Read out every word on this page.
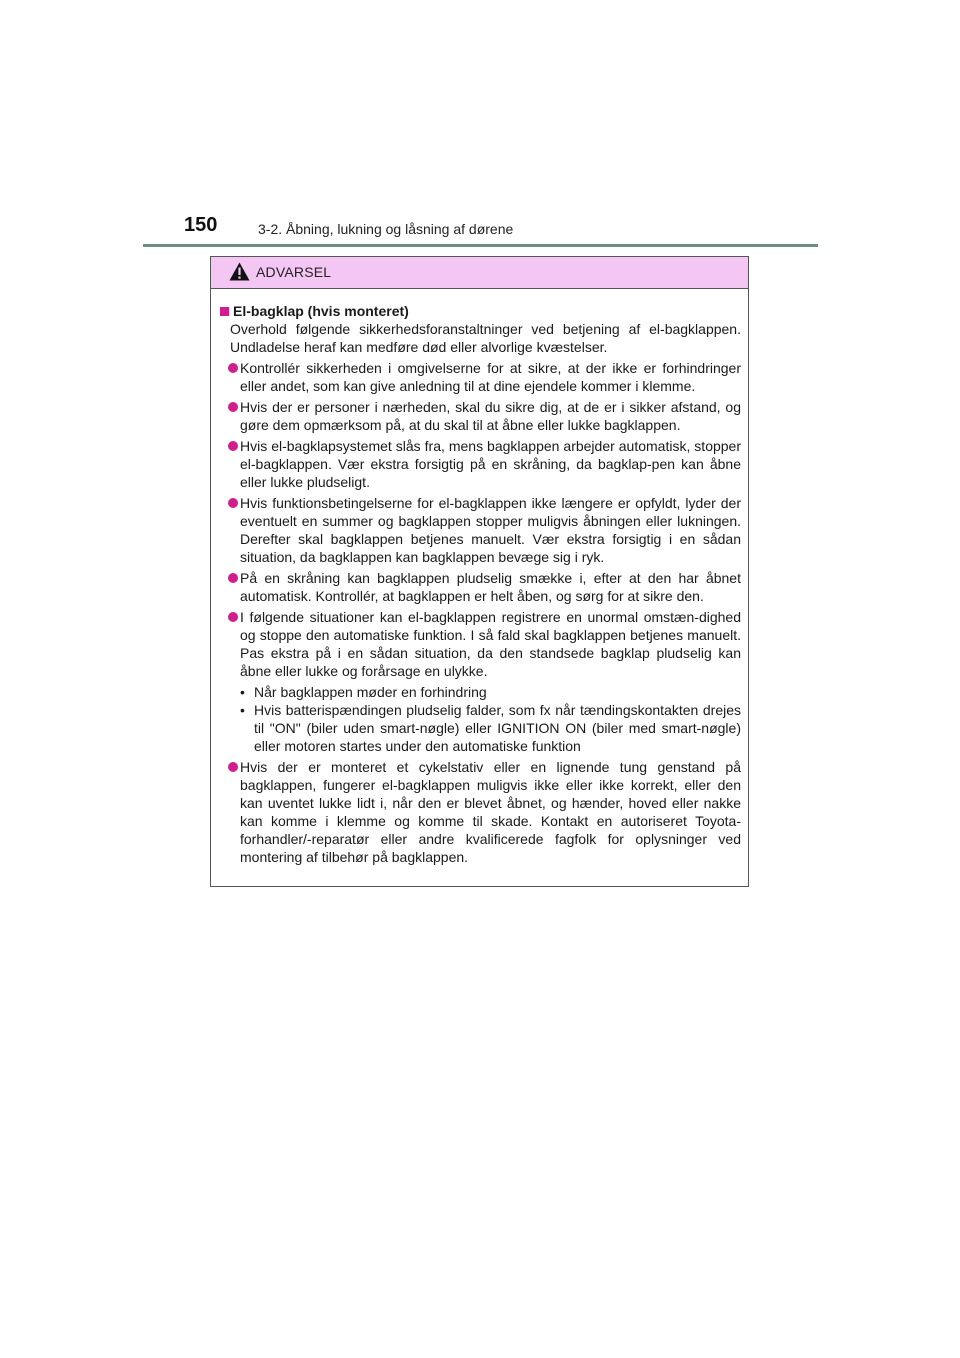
150	3-2. Åbning, lukning og låsning af dørene
ADVARSEL
El-bagklap (hvis monteret)
Overhold følgende sikkerhedsforanstaltninger ved betjening af el-bagklappen. Undladelse heraf kan medføre død eller alvorlige kvæstelser.
Kontrollér sikkerheden i omgivelserne for at sikre, at der ikke er forhindringer eller andet, som kan give anledning til at dine ejendele kommer i klemme.
Hvis der er personer i nærheden, skal du sikre dig, at de er i sikker afstand, og gøre dem opmærksom på, at du skal til at åbne eller lukke bagklappen.
Hvis el-bagklapsystemet slås fra, mens bagklappen arbejder automatisk, stopper el-bagklappen. Vær ekstra forsigtig på en skråning, da bagklap-pen kan åbne eller lukke pludseligt.
Hvis funktionsbetingelserne for el-bagklappen ikke længere er opfyldt, lyder der eventuelt en summer og bagklappen stopper muligvis åbningen eller lukningen. Derefter skal bagklappen betjenes manuelt. Vær ekstra forsigtig i en sådan situation, da bagklappen kan bagklappen bevæge sig i ryk.
På en skråning kan bagklappen pludselig smække i, efter at den har åbnet automatisk. Kontrollér, at bagklappen er helt åben, og sørg for at sikre den.
I følgende situationer kan el-bagklappen registrere en unormal omstæn-dighed og stoppe den automatiske funktion. I så fald skal bagklappen betjenes manuelt. Pas ekstra på i en sådan situation, da den standsede bagklap pludselig kan åbne eller lukke og forårsage en ulykke.
• Når bagklappen møder en forhindring
• Hvis batterispændingen pludselig falder, som fx når tændingskontakten drejes til "ON" (biler uden smart-nøgle) eller IGNITION ON (biler med smart-nøgle) eller motoren startes under den automatiske funktion
Hvis der er monteret et cykelstativ eller en lignende tung genstand på bagklappen, fungerer el-bagklappen muligvis ikke eller ikke korrekt, eller den kan uventet lukke lidt i, når den er blevet åbnet, og hænder, hoved eller nakke kan komme i klemme og komme til skade. Kontakt en autoriseret Toyota-forhandler/-reparatør eller andre kvalificerede fagfolk for oplysninger ved montering af tilbehør på bagklappen.
